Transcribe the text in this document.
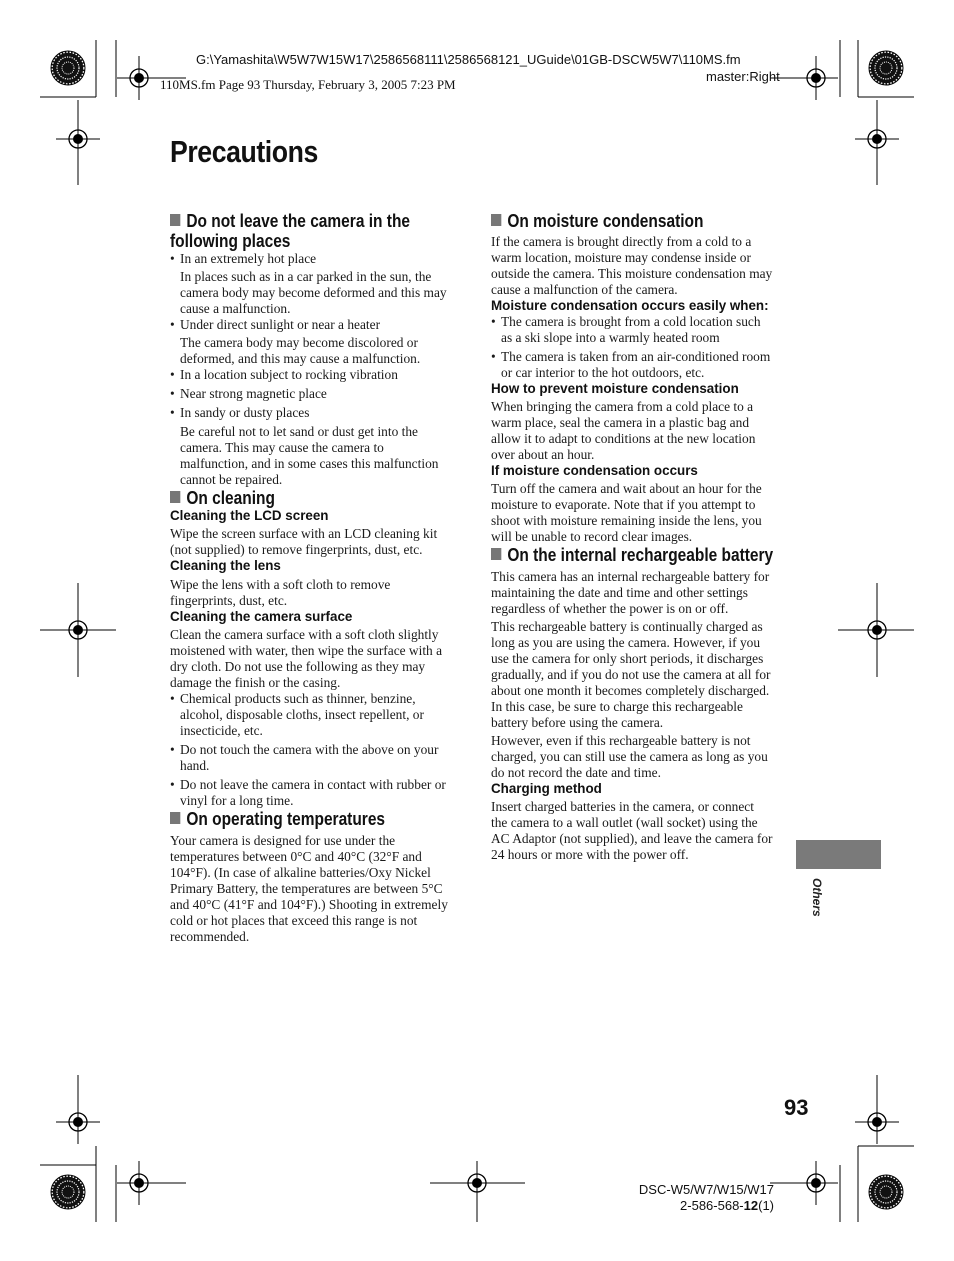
G:\Yamashita\W5W7W15W17\2586568111\2586568121_UGuide\01GB-DSCW5W7\110MS.fm
master:Right
110MS.fm Page 93 Thursday, February 3, 2005 7:23 PM
Precautions
Do not leave the camera in the following places
• In an extremely hot place

In places such as in a car parked in the sun, the camera body may become deformed and this may cause a malfunction.

• Under direct sunlight or near a heater

The camera body may become discolored or deformed, and this may cause a malfunction.

• In a location subject to rocking vibration
• Near strong magnetic place
• In sandy or dusty places

Be careful not to let sand or dust get into the camera. This may cause the camera to malfunction, and in some cases this malfunction cannot be repaired.

On cleaning
Cleaning the LCD screen

Wipe the screen surface with an LCD cleaning kit (not supplied) to remove fingerprints, dust, etc.

Cleaning the lens

Wipe the lens with a soft cloth to remove fingerprints, dust, etc.

Cleaning the camera surface

Clean the camera surface with a soft cloth slightly moistened with water, then wipe the surface with a dry cloth. Do not use the following as they may damage the finish or the casing.

• Chemical products such as thinner, benzine, alcohol, disposable cloths, insect repellent, or insecticide, etc.
• Do not touch the camera with the above on your hand.
• Do not leave the camera in contact with rubber or vinyl for a long time.
On operating temperatures

Your camera is designed for use under the temperatures between 0°C and 40°C (32°F and 104°F). (In case of alkaline batteries/Oxy Nickel Primary Battery, the temperatures are between 5°C and 40°C (41°F and 104°F).) Shooting in extremely cold or hot places that exceed this range is not recommended.

On moisture condensation

If the camera is brought directly from a cold to a warm location, moisture may condense inside or outside the camera. This moisture condensation may cause a malfunction of the camera.

Moisture condensation occurs easily when:
• The camera is brought from a cold location such as a ski slope into a warmly heated room
• The camera is taken from an air-conditioned room or car interior to the hot outdoors, etc.
How to prevent moisture condensation

When bringing the camera from a cold place to a warm place, seal the camera in a plastic bag and allow it to adapt to conditions at the new location over about an hour.

If moisture condensation occurs

Turn off the camera and wait about an hour for the moisture to evaporate. Note that if you attempt to shoot with moisture remaining inside the lens, you will be unable to record clear images.

On the internal rechargeable battery

This camera has an internal rechargeable battery for maintaining the date and time and other settings regardless of whether the power is on or off.

This rechargeable battery is continually charged as long as you are using the camera. However, if you use the camera for only short periods, it discharges gradually, and if you do not use the camera at all for about one month it becomes completely discharged. In this case, be sure to charge this rechargeable battery before using the camera.

However, even if this rechargeable battery is not charged, you can still use the camera as long as you do not record the date and time.

Charging method

Insert charged batteries in the camera, or connect the camera to a wall outlet (wall socket) using the AC Adaptor (not supplied), and leave the camera for 24 hours or more with the power off.

Others
93
DSC-W5/W7/W15/W17
2-586-568-12(1)
